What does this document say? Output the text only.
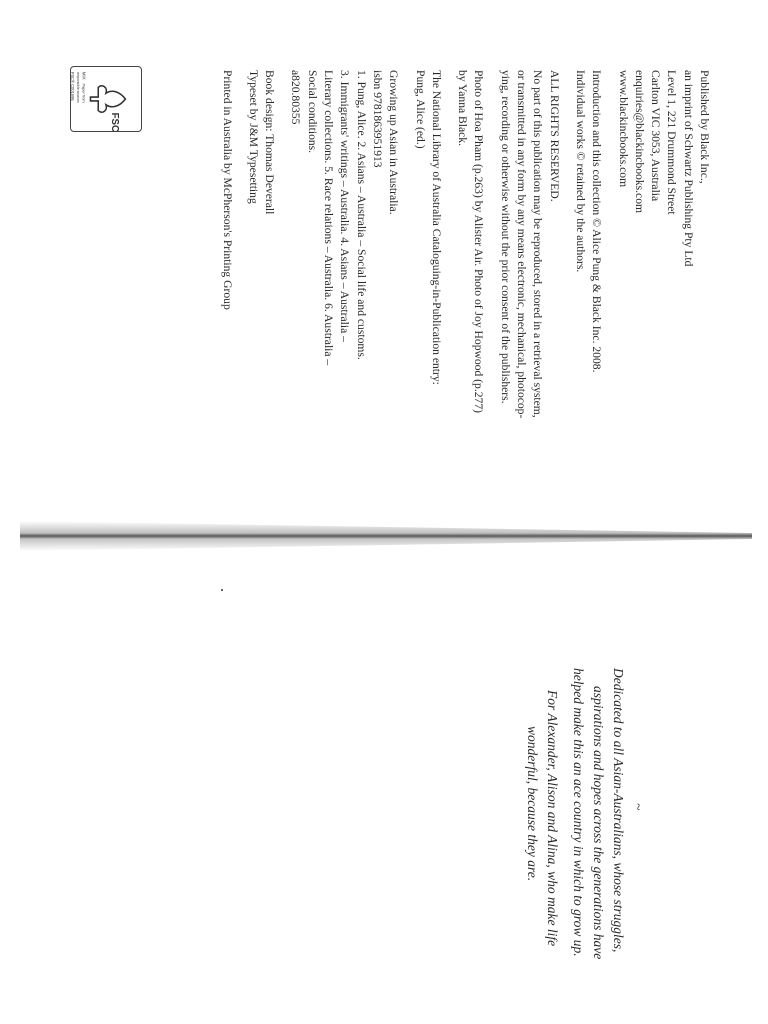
Published by Black Inc.,
an imprint of Schwartz Publishing Pty Ltd
Level 1, 221 Drummond Street
Carlton VIC 3053, Australia
enquiries@blackincbooks.com
www.blackincbooks.com
Introduction and this collection © Alice Pung & Black Inc. 2008.
Individual works © retained by the authors.
ALL RIGHTS RESERVED.
No part of this publication may be reproduced, stored in a retrieval system,
or transmitted in any form by any means electronic, mechanical, photocop-
ying, recording or otherwise without the prior consent of the publishers.
Photo of Hoa Pham (p.263) by Alister Air. Photo of Joy Hopwood (p.277)
by Yanna Black.
The National Library of Australia Cataloguing-in-Publication entry:
Pung, Alice (ed.)
Growing up Asian in Australia.
isbn 9781863951913
1. Pung, Alice. 2. Asians – Australia – Social life and customs.
3. Immigrants' writings – Australia. 4. Asians – Australia –
Literary collections. 5. Race relations – Australia. 6. Australia –
Social conditions.
a820.80355
Book design: Thomas Deverall
Typeset by J&M Typesetting
Printed in Australia by McPherson's Printing Group
FSC
MIX
Paper from
responsible sources
FSC® C001695
~
Dedicated to all Asian-Australians, whose struggles,
aspirations and hopes across the generations have
helped make this an ace country in which to grow up.
For Alexander, Alison and Alina, who make life
wonderful, because they are.
